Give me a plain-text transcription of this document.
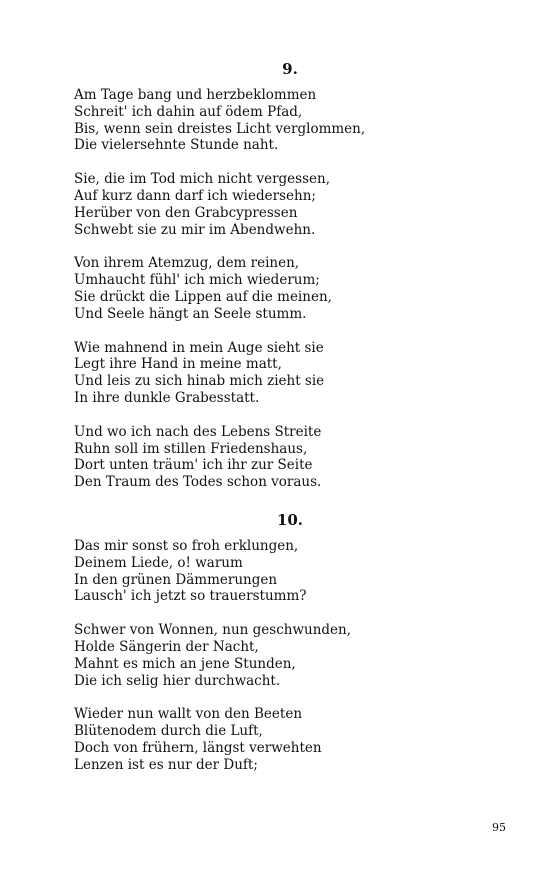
9.
Am Tage bang und herzbeklommen
Schreit' ich dahin auf ödem Pfad,
Bis, wenn sein dreistes Licht verglommen,
Die vielersehnte Stunde naht.
Sie, die im Tod mich nicht vergessen,
Auf kurz dann darf ich wiedersehn;
Herüber von den Grabcypressen
Schwebt sie zu mir im Abendwehn.
Von ihrem Atemzug, dem reinen,
Umhaucht fühl' ich mich wiederum;
Sie drückt die Lippen auf die meinen,
Und Seele hängt an Seele stumm.
Wie mahnend in mein Auge sieht sie
Legt ihre Hand in meine matt,
Und leis zu sich hinab mich zieht sie
In ihre dunkle Grabesstatt.
Und wo ich nach des Lebens Streite
Ruhn soll im stillen Friedenshaus,
Dort unten träum' ich ihr zur Seite
Den Traum des Todes schon voraus.
10.
Das mir sonst so froh erklungen,
Deinem Liede, o! warum
In den grünen Dämmerungen
Lausch' ich jetzt so trauerstumm?
Schwer von Wonnen, nun geschwunden,
Holde Sängerin der Nacht,
Mahnt es mich an jene Stunden,
Die ich selig hier durchwacht.
Wieder nun wallt von den Beeten
Blütenodem durch die Luft,
Doch von frühern, längst verwehten
Lenzen ist es nur der Duft;
95
